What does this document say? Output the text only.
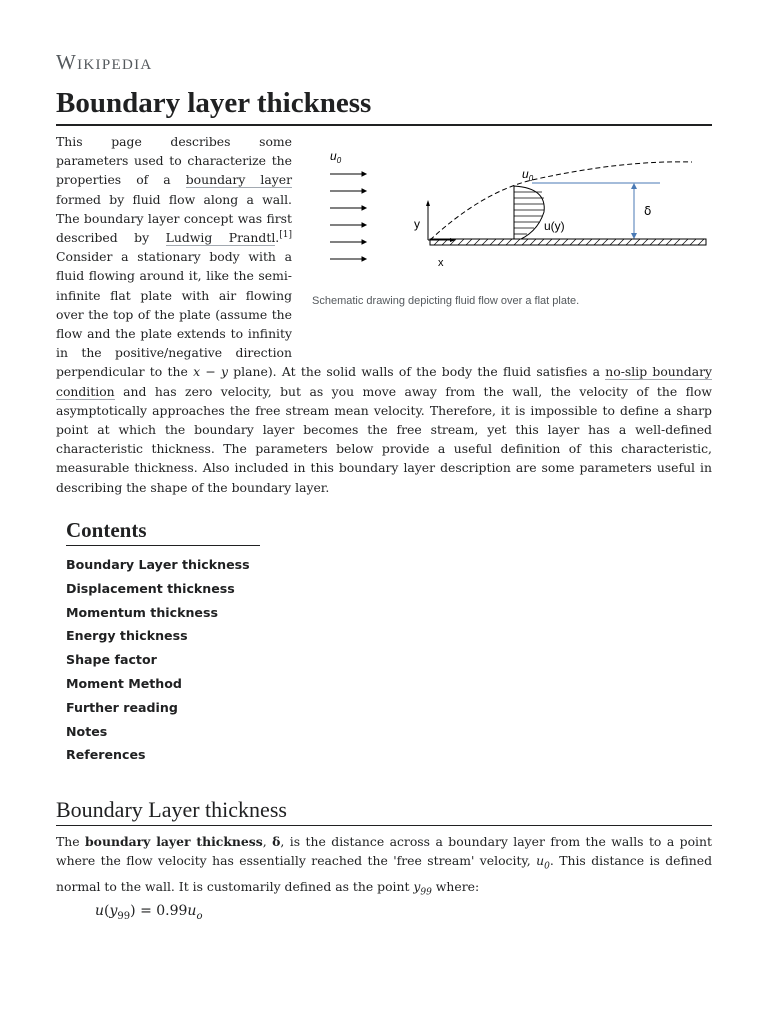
Wikipedia
Boundary layer thickness

$u_0$
$u_0$
y
x
u(y)
δ
Schematic drawing depicting fluid flow over a flat plate.
This page describes some parameters used to characterize the properties of a boundary layer formed by fluid flow along a wall. The boundary layer concept was first described by Ludwig Prandtl.[1] Consider a stationary body with a fluid flowing around it, like the semi-infinite flat plate with air flowing over the top of the plate (assume the flow and the plate extends to infinity in the positive/negative direction perpendicular to the x − y plane). At the solid walls of the body the fluid satisfies a no-slip boundary condition and has zero velocity, but as you move away from the wall, the velocity of the flow asymptotically approaches the free stream mean velocity. Therefore, it is impossible to define a sharp point at which the boundary layer becomes the free stream, yet this layer has a well-defined characteristic thickness. The parameters below provide a useful definition of this characteristic, measurable thickness. Also included in this boundary layer description are some parameters useful in describing the shape of the boundary layer.

Contents
Boundary Layer thickness
Displacement thickness
Momentum thickness
Energy thickness
Shape factor
Moment Method
Further reading
Notes
References
Boundary Layer thickness

The boundary layer thickness, δ, is the distance across a boundary layer from the walls to a point where the flow velocity has essentially reached the 'free stream' velocity, $u_0$. This distance is defined normal to the wall. It is customarily defined as the point $y_{99}$ where:

$u(y_{99}) = 0.99u_o$
